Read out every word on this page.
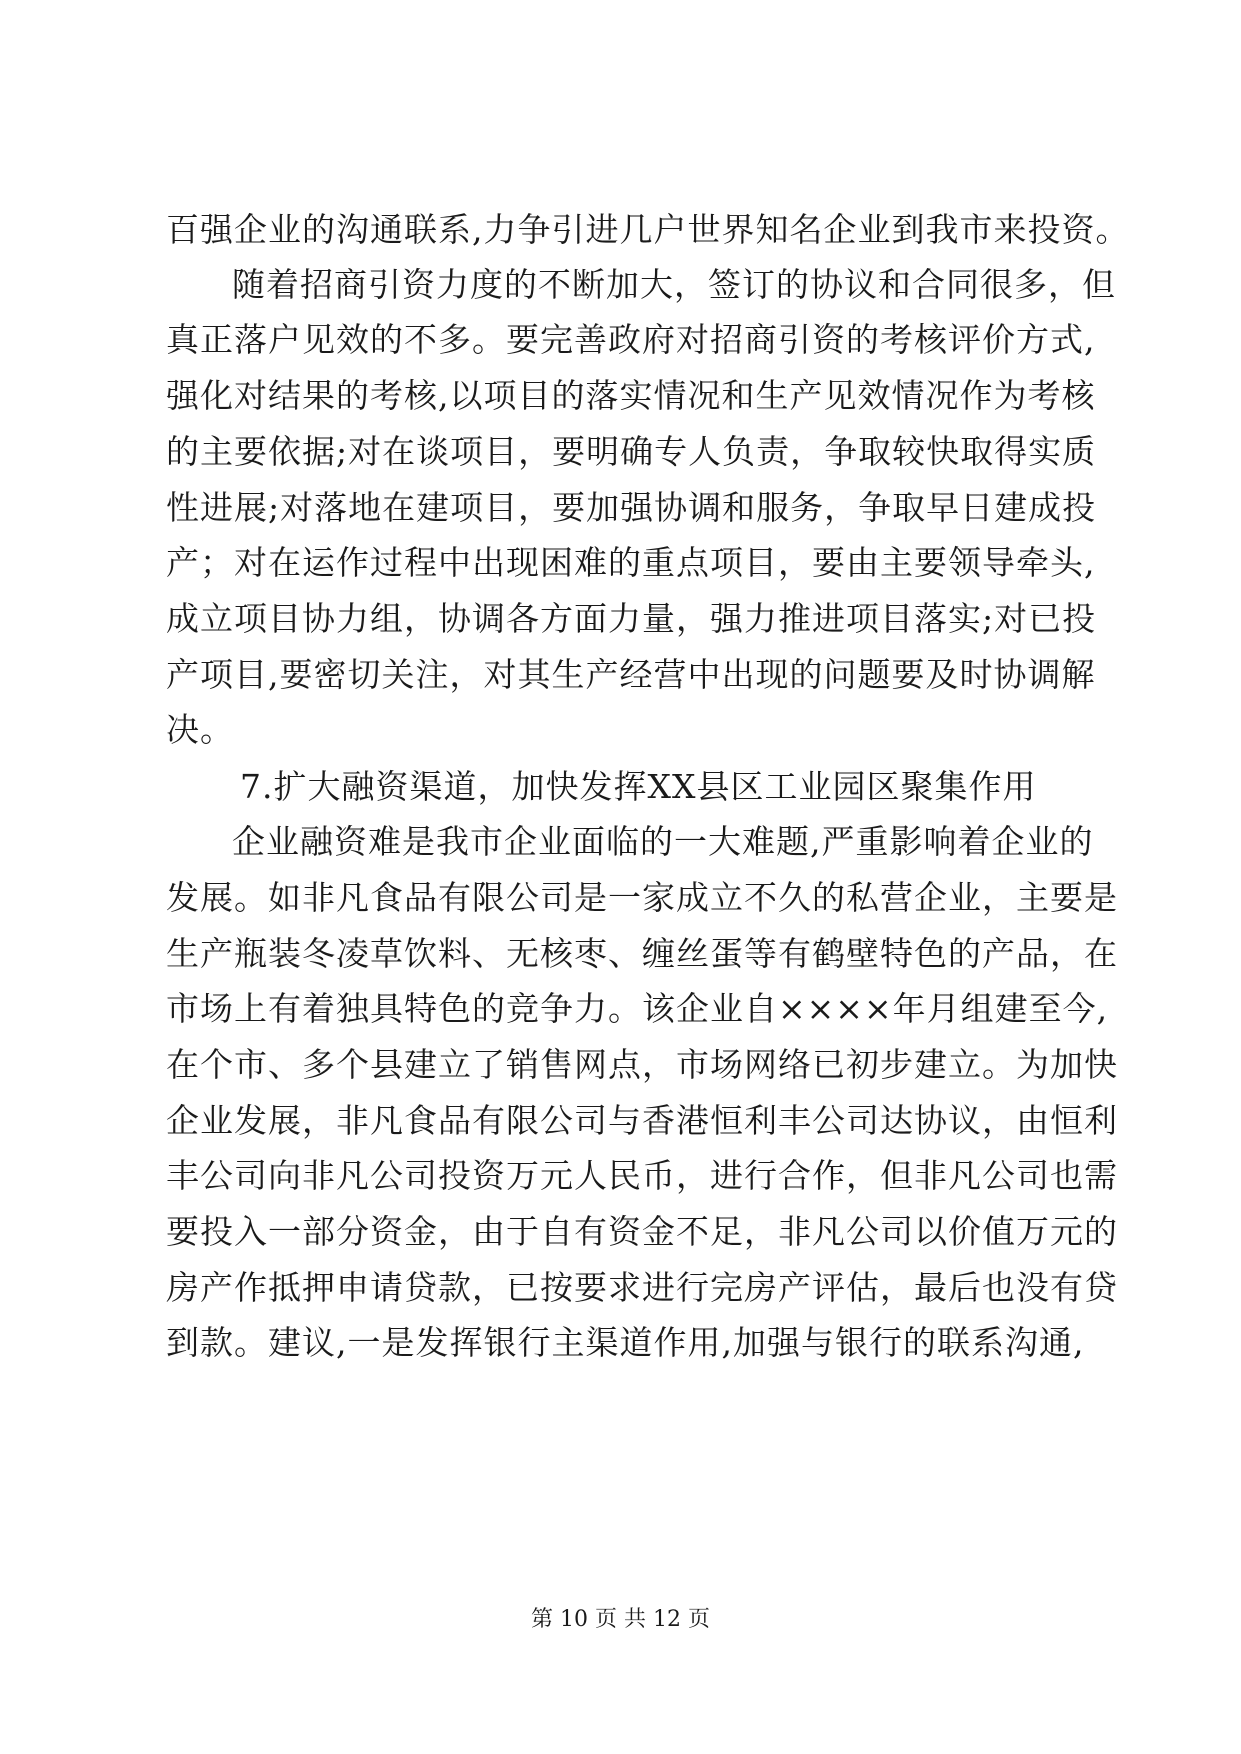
百强企业的沟通联系,力争引进几户世界知名企业到我市来投资。
随着招商引资力度的不断加大，签订的协议和合同很多，但
真正落户见效的不多。要完善政府对招商引资的考核评价方式,
强化对结果的考核,以项目的落实情况和生产见效情况作为考核
的主要依据;对在谈项目，要明确专人负责，争取较快取得实质
性进展;对落地在建项目，要加强协调和服务，争取早日建成投
产；对在运作过程中出现困难的重点项目，要由主要领导牵头,
成立项目协力组，协调各方面力量，强力推进项目落实;对已投
产项目,要密切关注，对其生产经营中出现的问题要及时协调解
决。
7.扩大融资渠道，加快发挥XX县区工业园区聚集作用
企业融资难是我市企业面临的一大难题,严重影响着企业的
发展。如非凡食品有限公司是一家成立不久的私营企业，主要是
生产瓶装冬凌草饮料、无核枣、缠丝蛋等有鹤壁特色的产品，在
市场上有着独具特色的竞争力。该企业自××××年月组建至今,
在个市、多个县建立了销售网点，市场网络已初步建立。为加快
企业发展，非凡食品有限公司与香港恒利丰公司达协议，由恒利
丰公司向非凡公司投资万元人民币，进行合作，但非凡公司也需
要投入一部分资金，由于自有资金不足，非凡公司以价值万元的
房产作抵押申请贷款，已按要求进行完房产评估，最后也没有贷
到款。建议,一是发挥银行主渠道作用,加强与银行的联系沟通,
第 10 页 共 12 页
